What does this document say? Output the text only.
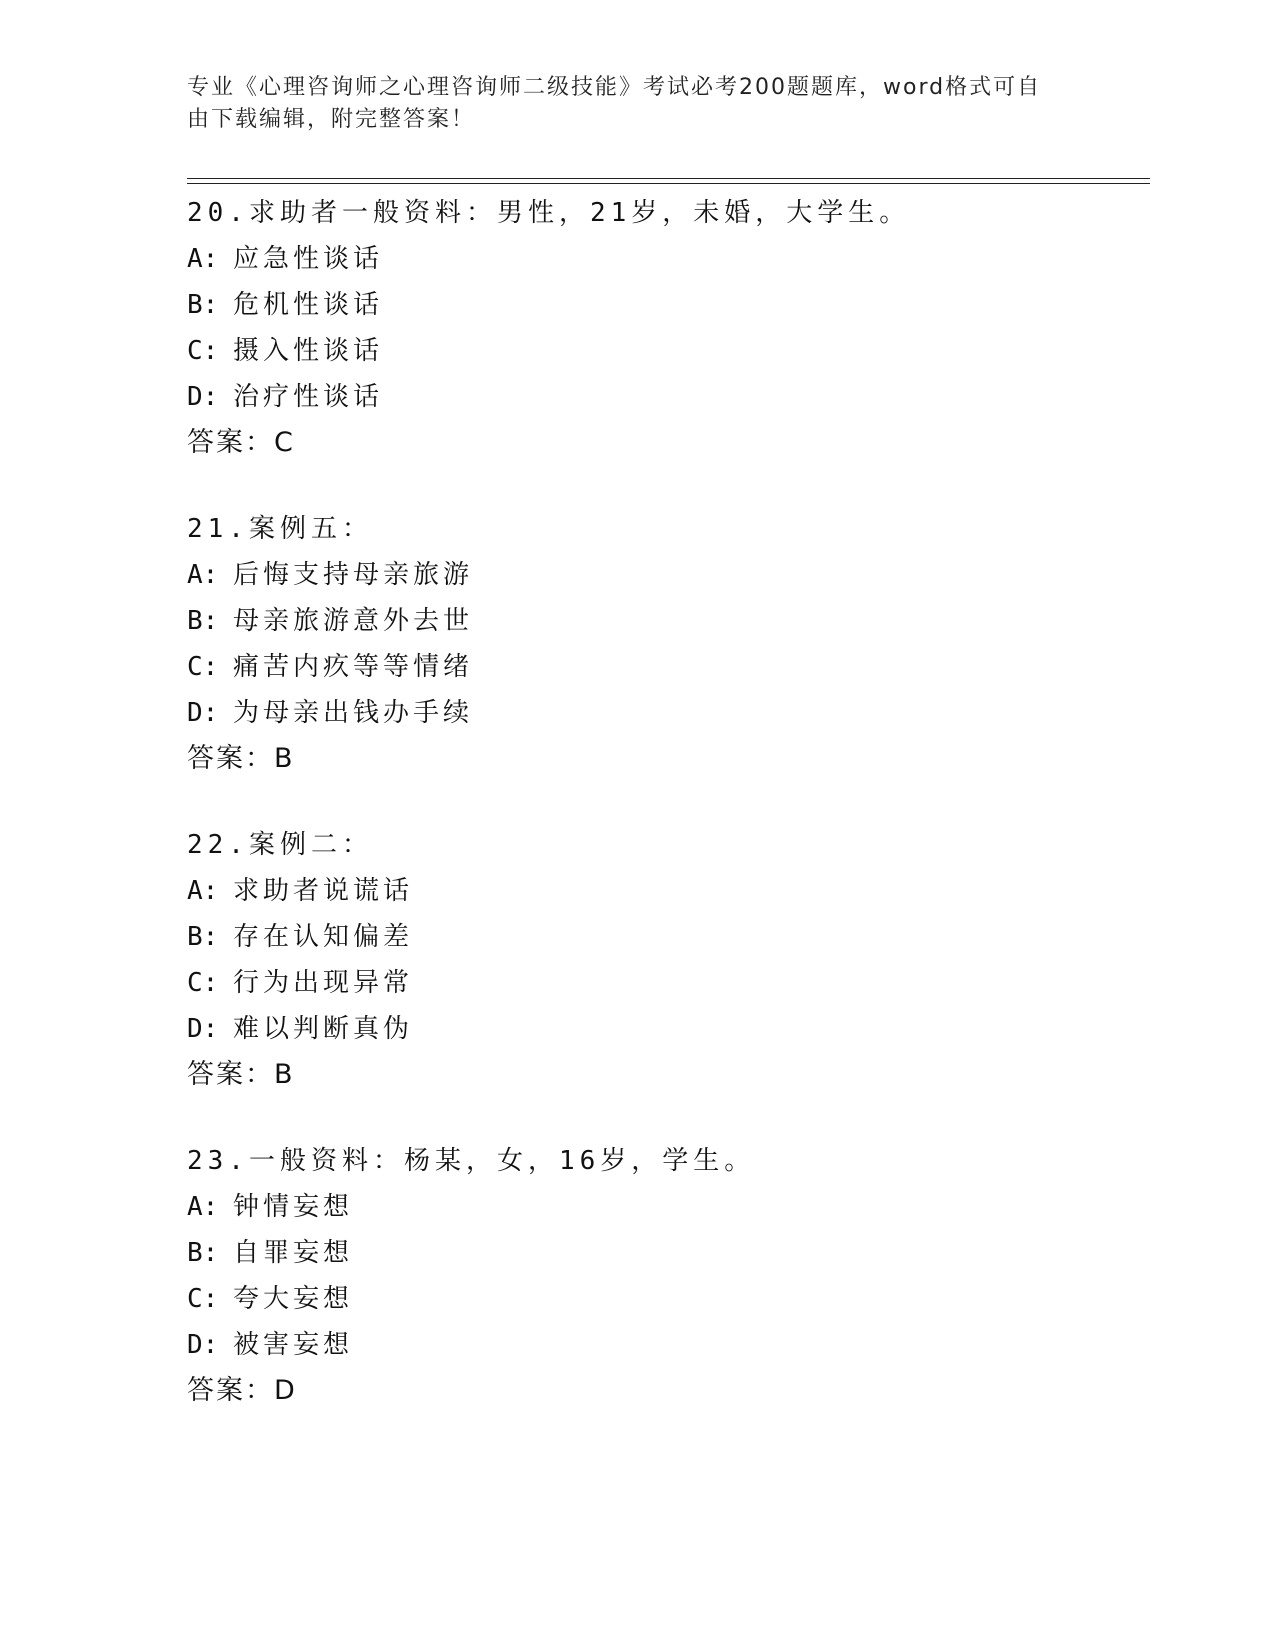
专业《心理咨询师之心理咨询师二级技能》考试必考200题题库，word格式可自
由下载编辑，附完整答案！
20.求助者一般资料：男性，21岁，未婚，大学生。
A: 应急性谈话
B: 危机性谈话
C: 摄入性谈话
D: 治疗性谈话
答案：C
21.案例五：
A: 后悔支持母亲旅游
B: 母亲旅游意外去世
C: 痛苦内疚等等情绪
D: 为母亲出钱办手续
答案：B
22.案例二：
A: 求助者说谎话
B: 存在认知偏差
C: 行为出现异常
D: 难以判断真伪
答案：B
23.一般资料：杨某，女，16岁，学生。
A: 钟情妄想
B: 自罪妄想
C: 夸大妄想
D: 被害妄想
答案：D
